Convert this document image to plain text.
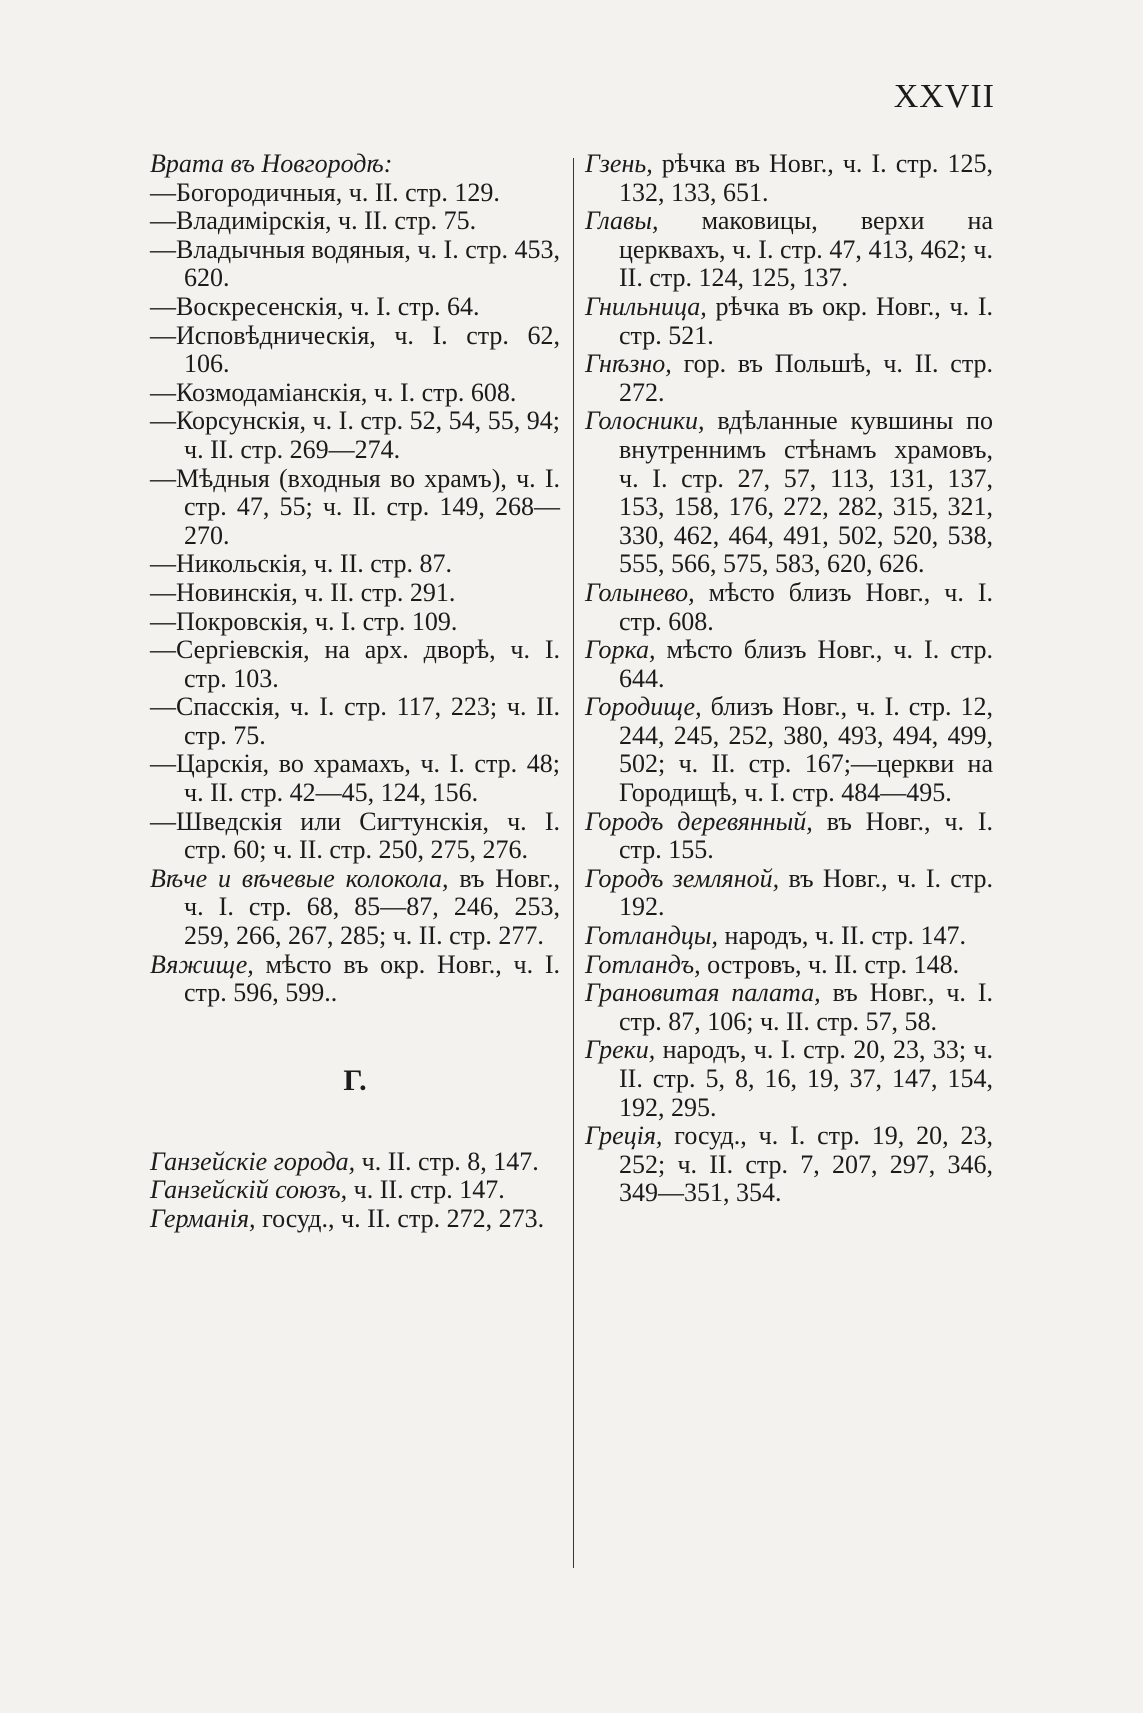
XXVII

Врата въ Новгородѣ:

—Богородичныя, ч. II. стр. 129.

—Владимірскія, ч. II. стр. 75.

—Владычныя водяныя, ч. I. стр. 453, 620.

—Воскресенскія, ч. I. стр. 64.

—Исповѣдническія, ч. I. стр. 62, 106.

—Козмодаміанскія, ч. I. стр. 608.

—Корсунскія, ч. I. стр. 52, 54, 55, 94; ч. II. стр. 269—274.

—Мѣдныя (входныя во храмъ), ч. I. стр. 47, 55; ч. II. стр. 149, 268—270.

—Никольскія, ч. II. стр. 87.

—Новинскія, ч. II. стр. 291.

—Покровскія, ч. I. стр. 109.

—Сергіевскія, на арх. дворѣ, ч. I. стр. 103.

—Спасскія, ч. I. стр. 117, 223; ч. II. стр. 75.

—Царскія, во храмахъ, ч. I. стр. 48; ч. II. стр. 42—45, 124, 156.

—Шведскія или Сигтунскія, ч. I. стр. 60; ч. II. стр. 250, 275, 276.

Вѣче и вѣчевые колокола, въ Новг., ч. I. стр. 68, 85—87, 246, 253, 259, 266, 267, 285; ч. II. стр. 277.

Вяжище, мѣсто въ окр. Новг., ч. I. стр. 596, 599..

Г.

Ганзейскіе города, ч. II. стр. 8, 147.

Ганзейскій союзъ, ч. II. стр. 147.

Германія, госуд., ч. II. стр. 272, 273.

Гзень, рѣчка въ Новг., ч. I. стр. 125, 132, 133, 651.

Главы, маковицы, верхи на церквахъ, ч. I. стр. 47, 413, 462; ч. II. стр. 124, 125, 137.

Гнильница, рѣчка въ окр. Новг., ч. I. стр. 521.

Гнѣзно, гор. въ Польшѣ, ч. II. стр. 272.

Голосники, вдѣланные кувшины по внутреннимъ стѣнамъ храмовъ, ч. I. стр. 27, 57, 113, 131, 137, 153, 158, 176, 272, 282, 315, 321, 330, 462, 464, 491, 502, 520, 538, 555, 566, 575, 583, 620, 626.

Голынево, мѣсто близъ Новг., ч. I. стр. 608.

Горка, мѣсто близъ Новг., ч. I. стр. 644.

Городище, близъ Новг., ч. I. стр. 12, 244, 245, 252, 380, 493, 494, 499, 502; ч. II. стр. 167;—церкви на Городищѣ, ч. I. стр. 484—495.

Городъ деревянный, въ Новг., ч. I. стр. 155.

Городъ земляной, въ Новг., ч. I. стр. 192.

Готландцы, народъ, ч. II. стр. 147.

Готландъ, островъ, ч. II. стр. 148.

Грановитая палата, въ Новг., ч. I. стр. 87, 106; ч. II. стр. 57, 58.

Греки, народъ, ч. I. стр. 20, 23, 33; ч. II. стр. 5, 8, 16, 19, 37, 147, 154, 192, 295.

Греція, госуд., ч. I. стр. 19, 20, 23, 252; ч. II. стр. 7, 207, 297, 346, 349—351, 354.
